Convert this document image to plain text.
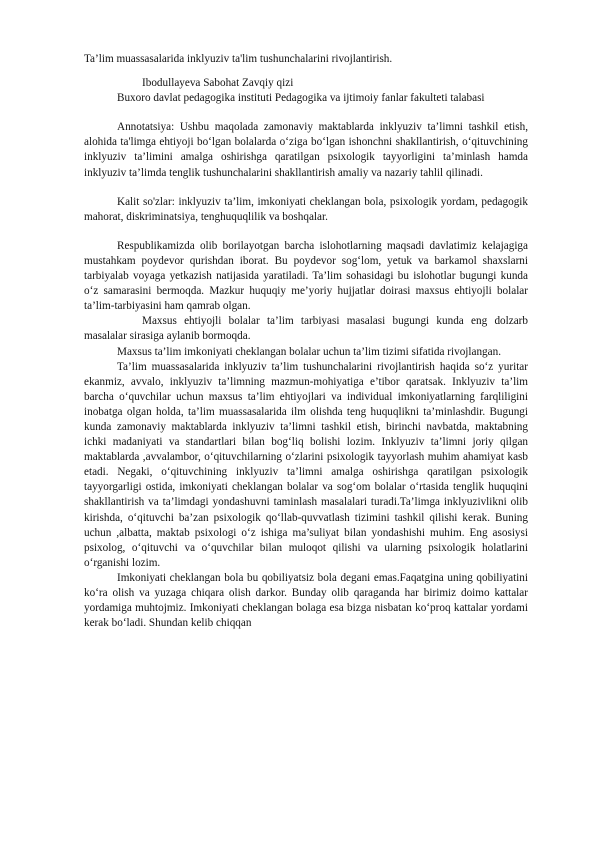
Ta’lim muassasalarida inklyuziv ta'lim tushunchalarini rivojlantirish.

Ibodullayeva Sabohat Zavqiy qizi

Buxoro davlat pedagogika instituti Pedagogika va ijtimoiy fanlar fakulteti talabasi

Annotatsiya: Ushbu maqolada zamonaviy maktablarda inklyuziv ta’limni tashkil etish, alohida ta'limga ehtiyoji bo‘lgan bolalarda o‘ziga bo‘lgan ishonchni shakllantirish, o‘qituvchining inklyuziv ta’limini amalga oshirishga qaratilgan psixologik tayyorligini ta’minlash hamda inklyuziv ta’limda tenglik tushunchalarini shakllantirish amaliy va nazariy tahlil qilinadi.

Kalit so'zlar: inklyuziv ta’lim, imkoniyati cheklangan bola, psixologik yordam, pedagogik mahorat, diskriminatsiya, tenghuquqlilik va boshqalar.

Respublikamizda olib borilayotgan barcha islohotlarning maqsadi davlatimiz kelajagiga mustahkam poydevor qurishdan iborat. Bu poydevor sog‘lom, yetuk va barkamol shaxslarni tarbiyalab voyaga yetkazish natijasida yaratiladi. Ta’lim sohasidagi bu islohotlar bugungi kunda o‘z samarasini bermoqda. Mazkur huquqiy me’yoriy hujjatlar doirasi maxsus ehtiyojli bolalar ta’lim-tarbiyasini ham qamrab olgan.

Maxsus ehtiyojli bolalar ta’lim tarbiyasi masalasi bugungi kunda eng dolzarb masalalar sirasiga aylanib bormoqda.

Maxsus ta’lim imkoniyati cheklangan bolalar uchun ta’lim tizimi sifatida rivojlangan.

Ta’lim muassasalarida inklyuziv ta’lim tushunchalarini rivojlantirish haqida so‘z yuritar ekanmiz, avvalo, inklyuziv ta’limning mazmun-mohiyatiga e’tibor qaratsak. Inklyuziv ta’lim barcha o‘quvchilar uchun maxsus ta’lim ehtiyojlari va individual imkoniyatlarning farqliligini inobatga olgan holda, ta’lim muassasalarida ilm olishda teng huquqlikni ta’minlashdir. Bugungi kunda zamonaviy maktablarda inklyuziv ta’limni tashkil etish, birinchi navbatda, maktabning ichki madaniyati va standartlari bilan bog‘liq bolishi lozim. Inklyuziv ta’limni joriy qilgan maktablarda ,avvalambor, o‘qituvchilarning o‘zlarini psixologik tayyorlash muhim ahamiyat kasb etadi. Negaki, o‘qituvchining inklyuziv ta’limni amalga oshirishga qaratilgan psixologik tayyorgarligi ostida, imkoniyati cheklangan bolalar va sog‘om bolalar o‘rtasida tenglik huquqini shakllantirish va ta’limdagi yondashuvni taminlash masalalari turadi.Ta’limga inklyuzivlikni olib kirishda, o‘qituvchi ba’zan psixologik qo‘llab-quvvatlash tizimini tashkil qilishi kerak. Buning uchun ,albatta, maktab psixologi o‘z ishiga ma’suliyat bilan yondashishi muhim. Eng asosiysi psixolog, o‘qituvchi va o‘quvchilar bilan muloqot qilishi va ularning psixologik holatlarini o‘rganishi lozim.

Imkoniyati cheklangan bola bu qobiliyatsiz bola degani emas.Faqatgina uning qobiliyatini ko‘ra olish va yuzaga chiqara olish darkor. Bunday olib qaraganda har birimiz doimo kattalar yordamiga muhtojmiz. Imkoniyati cheklangan bolaga esa bizga nisbatan ko‘proq kattalar yordami kerak bo‘ladi. Shundan kelib chiqqan
